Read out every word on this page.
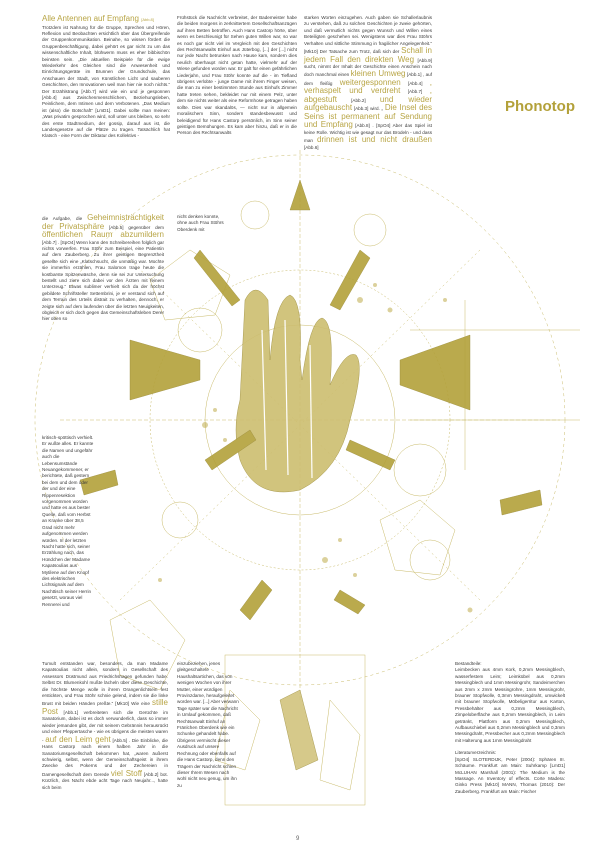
Phonotop
Alle Antennen auf Empfang [Abb.8]
Trotzdem ist Nahrung für die Gruppe, Sprechen und Hören, Reflexion und Beobachten ersichtlich über das Übergreifende der Gruppenkommunikation. Beinahe, so wissen fördert die Gruppenbeschäftigung, dabei gehört es gar nicht zu um das wissenschaftliche Inhalt, blühwerm muss es eher bibbischön beinsten sein. „Die aktuellen Beispiele für die ewige Wiederkehr des Gleichen sind die Anwesenheit und Einrichtungsgeräte im Brunnen der Grundschule, das Anschauen der Stadt, von Künstlichen Licht und sauberen Geschichten, den Innovationen weil man hier nie noch nichts.“ Der Erzählstrang [Abb.7] wird wie ein und je gesponnen [Abb.4] aus Zwischenmenschlichem, Beziehungsleben, Peinlichem, dem Intimen und dem Verbotenen. „Das Medium ist (also) die Botschaft“ [LmD1]. Dabei sollte man meinen: „Was privatim gesprochen wird, soll unter uns bleiben, so sehr des erste Stadtmedium, der gossip, darauf aus ist, die Landesgesetze auf die Plätze zu tragen. Tatsächlich hat Klatsch - eine Form der Diktatur des Kollektivs -
Frühstück die Nachricht verbreitet, der Bademeister habe die beiden morgens in zerknittertem Gesellschaftsanzügen auf ihren Betten betroffen. Auch Hans Castorp hörte, über wenn es beschleunigt für Sehen guten Willen war, so war es noch gar nicht viel im Vergleich mit den Geschichten des Rechtsanwalts Einhuf aus Jüterbog, [...] der [...] nicht nur jede Nacht betrunken nach Hause kam, sondern dies neulich überhaupt nicht getan hatte, vielmehr auf der Wiese gefunden worden war. Er galt für einen gefährlichen Liederjahn, und Frau Stöhr konnte auf die - im Tiefland übrigens verlobte - junge Dame mit ihrem Finger weisen, die man zu einer bestimmten Stunde aus Einhufs Zimmer hatte treten sehen, bekleidet nur mit einem Pelz, unter dem sie nichts weiter als eine Reformhose getragen haben sollte. Dies war skandalös, — nicht nur in allgemein moralischem Sinn, sondern standesbewusst und beleidigend für Hans Castorp persönlich, im Sinn seiner geistigen Bemühungen. Es kam aber hinzu, daß er in die Person des Rechtsanwalts
starken Worten einzugehen. Auch gaben sie Schallerlaubnis zu verstehen, daß zu solchen Geschichten je zweie gehörten, und daß vermutlich nichts gegen Wunsch und Willen eines Beteiligten geschehen sei. Wenigstens war dies Frau Stöhrs Verhalten und sittliche Stimmung in fragilicher Angelegenheit.“ [Mk10] Der Tatsache zum Trotz, daß sich der Schall in jedem Fall den direkten Weg [Abb.9] sucht, nimmt der Inhalt der Geschichte einen Anschein nach doch manchmal einen kleinen Umweg [Abb.1] , auf dem fleißig weitergesponnen [Abb.4] , verhaspelt und verdreht [Abb.7] , abgestuft	[Abb.2] und wieder aufgebauscht [Abb.3] wird. „ Die Insel des Seins ist permanent auf Sendung und Empfang [Abb.8] . [SpO4] Aber das Spiel ist keine Rolle. Wichtig ist wie gesagt nur das Brodeln - und dass man drinnen ist und nicht draußen [Abb.6]
die Aufgabe, die Geheimnisträchtigkeit der Privatsphäre [Abb.5] gegenüber dem öffentlichen Raum abzumildern [Abb.7] . [SpO4] Wenn kann den Schreibereihen folglich gar nichts vorwerfen. Frau Stöhr zum Beispiel, eine Patientin auf dem Zauberberg. Zu ihrer geistigen Begrenztheit gesellte sich eine „Klatschsucht, die unmäßig war. Mochte sie immerhin erzählen, Frau Salomon trage heute die kostbarste Spitzenwäsche, denn sie sei zur Untersuchung bestellt und ziere sich dabei vor den Ärzten mit feinem Unterzeug.“ Etwas sublimer verhielt sich da der höchst gebildete Schriftsteller Settembrini, je er verstand sich auf dem Terrain des Urteils distrait zu verhalten, dennoch, er zeigte sich auf dem laufenden über die letzten Neuigkeiten, obgleich er sich doch gegen das Gemeinschaftsleben Derer hier oben so
nicht denken konnte, ohne auch Frau Stöhrs Oberdenk mit
kritisch-spöttisch verhielt. Er wußte alles. Er kannte die Namen und ungefähr auch die Lebensumstände Neuangekommener, er berichtete, daß gestern bei dem und dem oder der und der eine Rippenresektion vorgenommen worden und hatte es aus bester Quelle, daß vom Herbst an Kranke über 38,5 Grad nicht mehr aufgenommen werden würden. In der letzten Nacht hatte sich, seiner Erzählung nach, das Hündchen der Madame Kapatsoulias aus Mytilene auf den Knopf des elektrischen Lichtsignals auf dem Nachttisch seiner Herrin gesetzt, woraus viel Rennerei und
Tumult entstanden war, besonders, da man Madame Kapatsoulias nicht allein, sondern in Gesellschaft des Assessors Düstmund aus Friedrichshagen gefunden habe. Selbst Dr. Blumenkohl mußte lächeln über diese Geschichte, die höchste Menge wolle in ihrem Orangenlichtsein fest erstickten, und Frau Stöhr schnie gelend, indem sie die linke Brust mit beiden Händen preßte.“ [Mk10] Wie eine stille Post [Abb.1] verbreiteten sich die Gerüchte im Sanatorium, dabei ist es doch verwunderlich, dass so immer wieder jemanden gibt, der mit seinem Gebrännis herausrückt und einer Pfeppertasche - wie es übrigens die meisten waren - auf den Leim geht [Abb.5] . Die Einblicke, die Hans Castorp nach einem halben Jahr in die Sanatoriumsgesellschaft bekommen hat, „waren äußerst schwierig, selbst, wenn der Gemeinschaftsgeist in ihrem Zwecke des Pokerns und der Zechereien in Damengesellschaft dem Gerede viel Stoff [Abb.2] bot. Kürzlich, des Nächt ebde acht Tage nach Neujahr..., hatte sich beim
einzubeziehen, jenes gleitgeschaltete Haushaltsartichen, das von wenigen Wochen von ihrer Mutter, einer würdigen Provinzdame, heraufgeleitet worden war. [...] Aber verwann Tage später war die Nachricht in Umlauf gekommen, daß Rechtsanwalt Einhuf an Fränlchen Oberdenk wie ein Schunke gehandelt habe. Übrigens vermischt dieser Ausdruck auf unsere Rechnung oder ebenfalls auf die Hans Castorp, denn den Trägern der Nachricht schien dieser Ihrem Wesen nach wohl nicht neu genug, um ihn zu
Bestandteile:
Leimbecken aus 4mm Kork, 0,2mm Messingblech, wasserfestem Leim; Leimkübel aus 0,2mm Messingblech und 1mm Messingrohr, Sandeimerchen aus 2mm x 2mm Messingrohre, 1mm Messingrohr, brauner Stopfwolle, 0,3mm Messingdraht, umwickelt mit brauner Stopfwolle, Möbeligerritur aus Karton, Pressbehälter aus 0,2mm Messingblech, Zimpeloberfläche aus 0,2mm Messingblech, in Leim getränkt, Plattform aus 0,2mm Messingblech, Aufbauschiebel aus 0,2mm Messingblech und 0,3mm Messingdraht, Pressbecher aus 0,2mm Messingblech mit Halterung aus 1mm Messingdraht
Literaturverzeichnis:
[SpO4] SLOTERDIJK, Peter (2004): Sphären III. Schäume. Frankfurt am Main: Suhrkamp [LmD1] McLUHAN Marshall (2001): The Medium is the Massage. An Inventory of effects. Corte Madera: Ginko Press [Mk10] MANN, Thomas (2010): Der Zauberberg. Frankfurt am Main: Fischer
9
